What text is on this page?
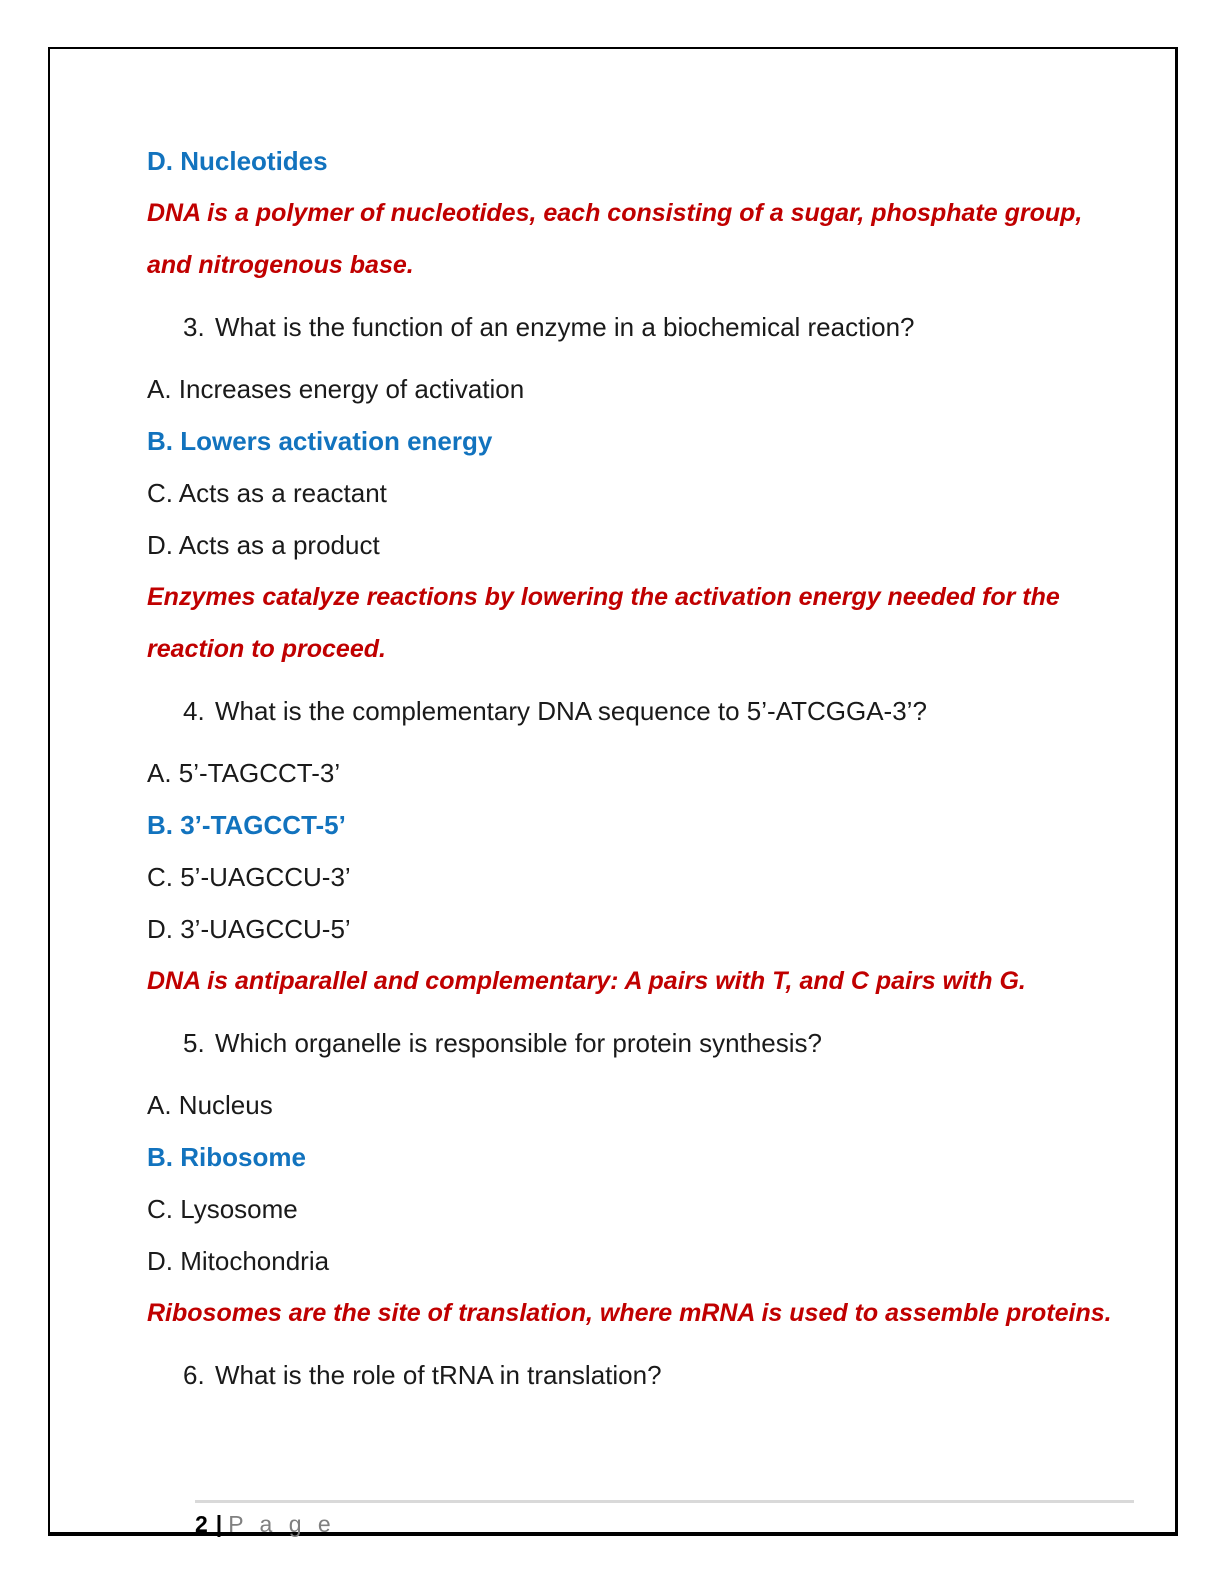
D. Nucleotides

DNA is a polymer of nucleotides, each consisting of a sugar, phosphate group,

and nitrogenous base.

3. What is the function of an enzyme in a biochemical reaction?

A. Increases energy of activation

B. Lowers activation energy

C. Acts as a reactant

D. Acts as a product

Enzymes catalyze reactions by lowering the activation energy needed for the

reaction to proceed.

4. What is the complementary DNA sequence to 5’-ATCGGA-3’?

A. 5’-TAGCCT-3’

B. 3’-TAGCCT-5’

C. 5’-UAGCCU-3’

D. 3’-UAGCCU-5’

DNA is antiparallel and complementary: A pairs with T, and C pairs with G.

5. Which organelle is responsible for protein synthesis?

A. Nucleus

B. Ribosome

C. Lysosome

D. Mitochondria

Ribosomes are the site of translation, where mRNA is used to assemble proteins.

6. What is the role of tRNA in translation?

2 | P a g e
